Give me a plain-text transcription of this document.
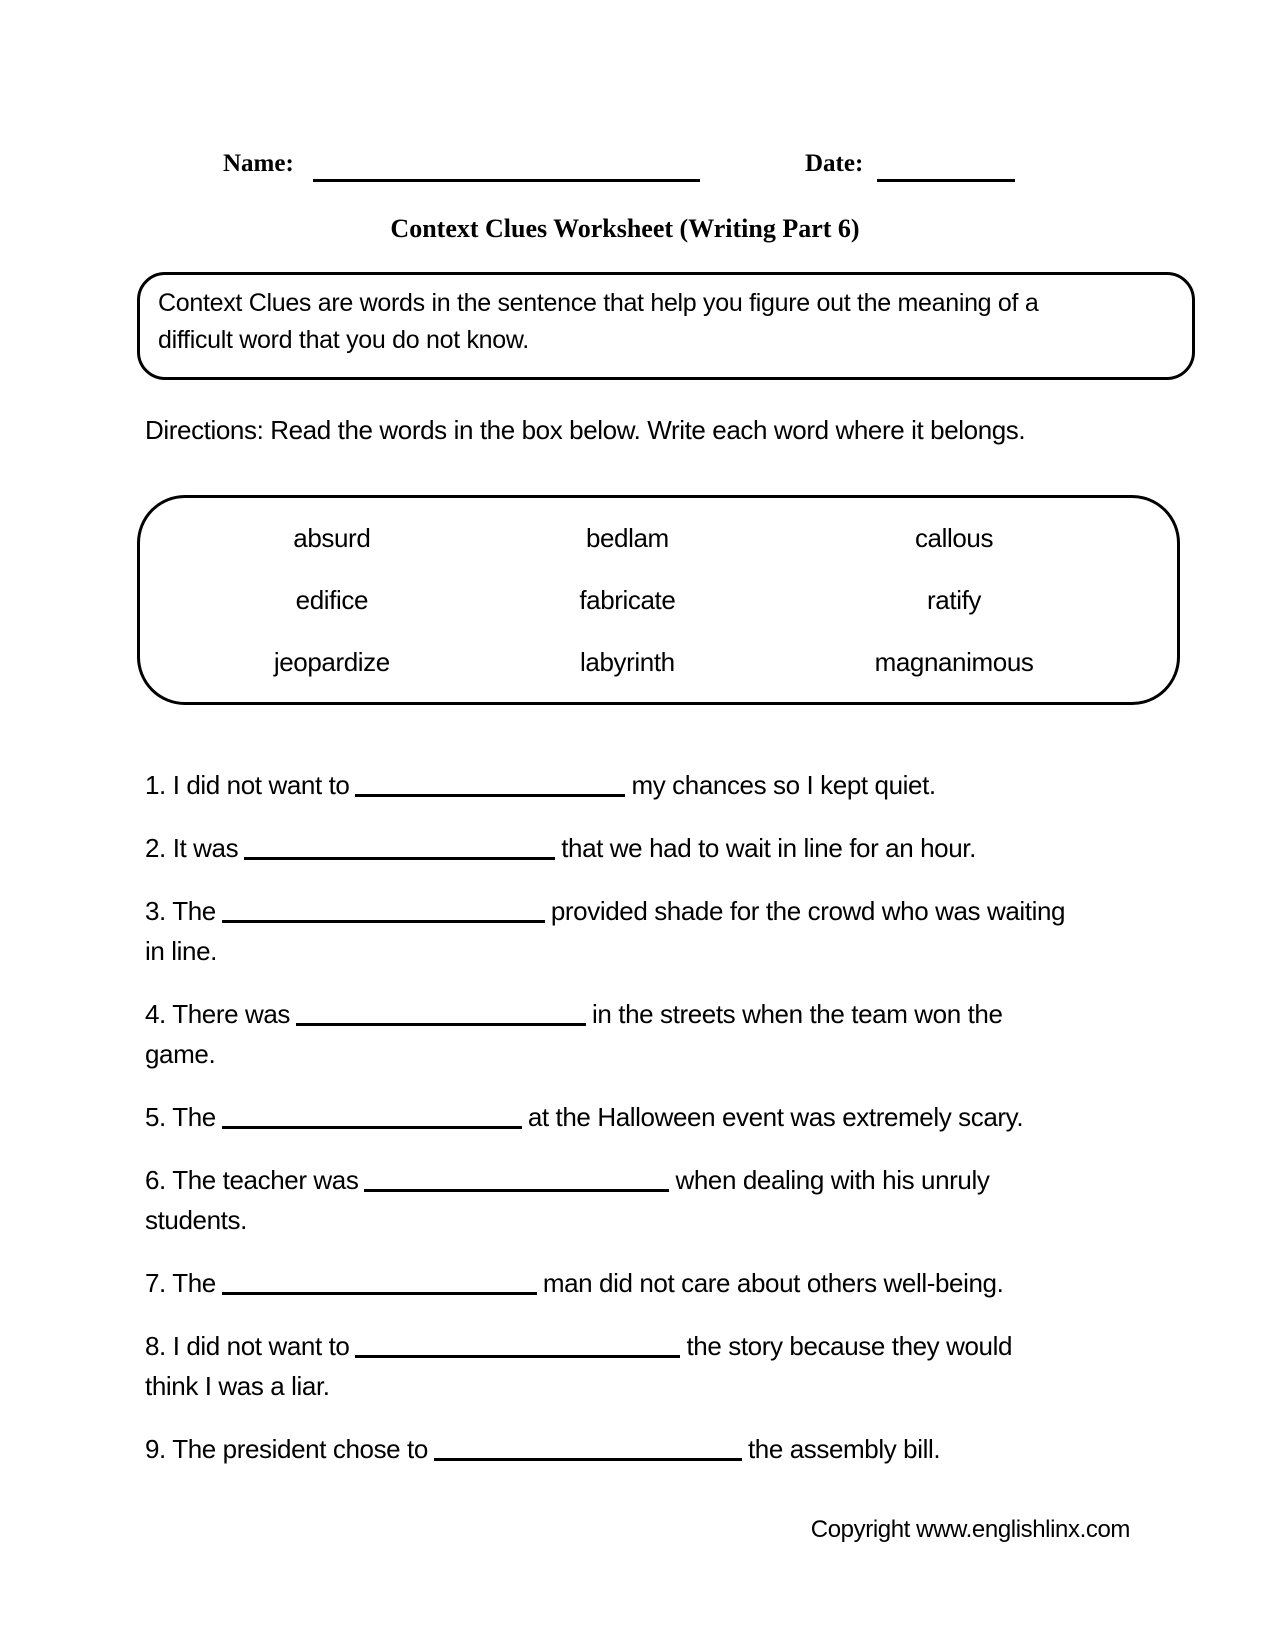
Name:	Date:
Context Clues Worksheet (Writing Part 6)
Context Clues are words in the sentence that help you figure out the meaning of a difficult word that you do not know.
Directions: Read the words in the box below. Write each word where it belongs.
absurd	bedlam	callous
edifice	fabricate	ratify
jeopardize	labyrinth	magnanimous

1. I did not want to	my chances so I kept quiet.

2. It was	that we had to wait in line for an hour.

3. The	provided shade for the crowd who was waiting
in line.

4. There was	in the streets when the team won the
game.

5. The	at the Halloween event was extremely scary.

6. The teacher was	when dealing with his unruly
students.

7. The	man did not care about others well-being.

8. I did not want to	the story because they would
think I was a liar.

9. The president chose to	the assembly bill.

Copyright www.englishlinx.com
